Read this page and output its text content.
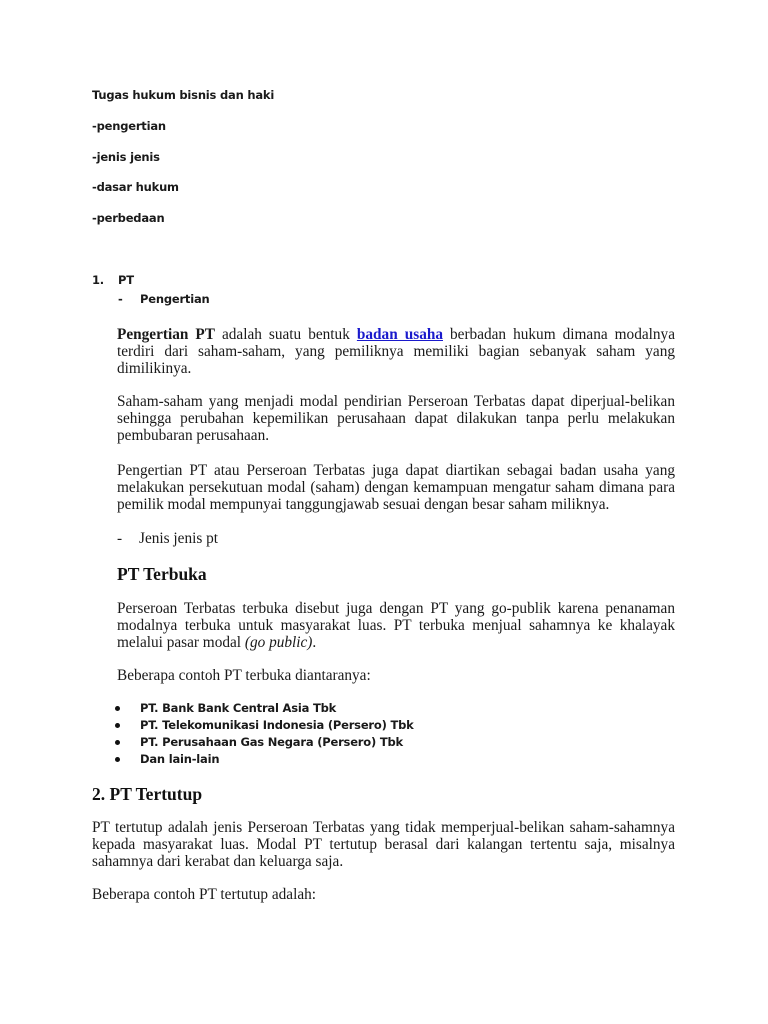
Tugas hukum bisnis dan haki
-pengertian
-jenis jenis
-dasar hukum
-perbedaan
1. PT
- Pengertian

Pengertian PT adalah suatu bentuk badan usaha berbadan hukum dimana modalnya terdiri dari saham-saham, yang pemiliknya memiliki bagian sebanyak saham yang dimilikinya.

Saham-saham yang menjadi modal pendirian Perseroan Terbatas dapat diperjual-belikan sehingga perubahan kepemilikan perusahaan dapat dilakukan tanpa perlu melakukan pembubaran perusahaan.

Pengertian PT atau Perseroan Terbatas juga dapat diartikan sebagai badan usaha yang melakukan persekutuan modal (saham) dengan kemampuan mengatur saham dimana para pemilik modal mempunyai tanggungjawab sesuai dengan besar saham miliknya.

- Jenis jenis pt
PT Terbuka

Perseroan Terbatas terbuka disebut juga dengan PT yang go-publik karena penanaman modalnya terbuka untuk masyarakat luas. PT terbuka menjual sahamnya ke khalayak melalui pasar modal (go public).

Beberapa contoh PT terbuka diantaranya:
PT. Bank Bank Central Asia Tbk
PT. Telekomunikasi Indonesia (Persero) Tbk
PT. Perusahaan Gas Negara (Persero) Tbk
Dan lain-lain
2. PT Tertutup

PT tertutup adalah jenis Perseroan Terbatas yang tidak memperjual-belikan saham-sahamnya kepada masyarakat luas. Modal PT tertutup berasal dari kalangan tertentu saja, misalnya sahamnya dari kerabat dan keluarga saja.

Beberapa contoh PT tertutup adalah:
